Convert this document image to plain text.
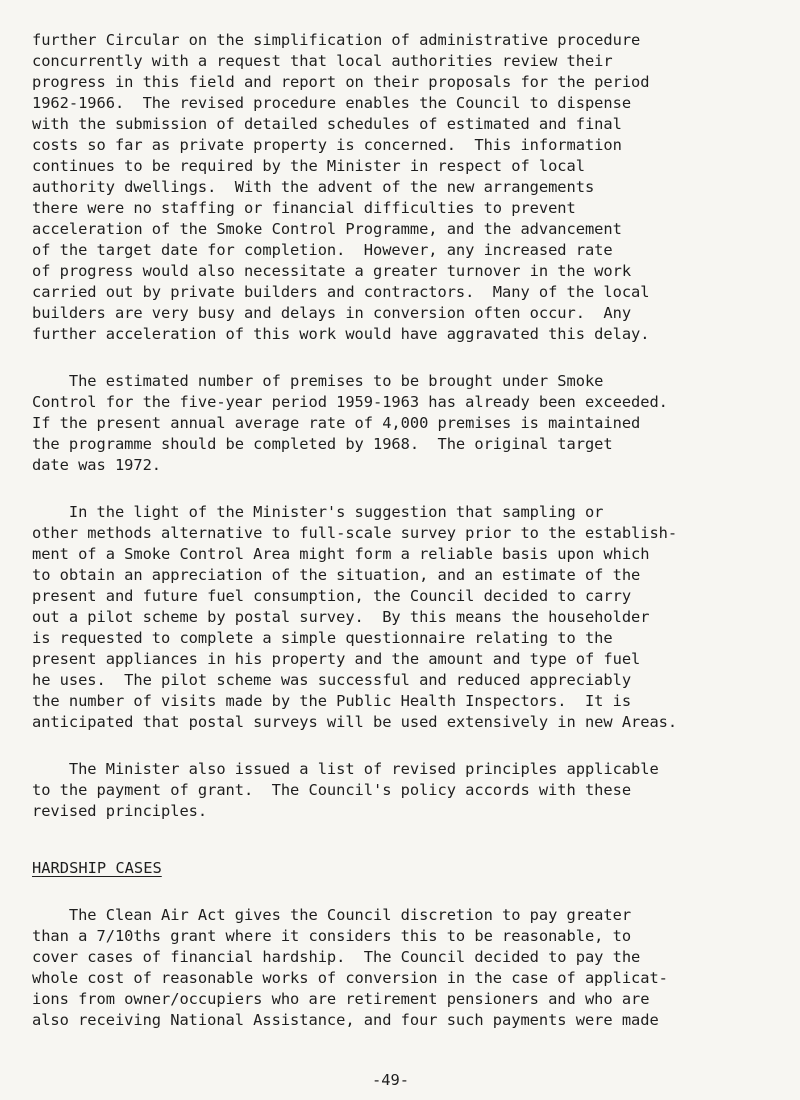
further Circular on the simplification of administrative procedure
concurrently with a request that local authorities review their
progress in this field and report on their proposals for the period
1962-1966.  The revised procedure enables the Council to dispense
with the submission of detailed schedules of estimated and final
costs so far as private property is concerned.  This information
continues to be required by the Minister in respect of local
authority dwellings.  With the advent of the new arrangements
there were no staffing or financial difficulties to prevent
acceleration of the Smoke Control Programme, and the advancement
of the target date for completion.  However, any increased rate
of progress would also necessitate a greater turnover in the work
carried out by private builders and contractors.  Many of the local
builders are very busy and delays in conversion often occur.  Any
further acceleration of this work would have aggravated this delay.
The estimated number of premises to be brought under Smoke
Control for the five-year period 1959-1963 has already been exceeded.
If the present annual average rate of 4,000 premises is maintained
the programme should be completed by 1968.  The original target
date was 1972.
In the light of the Minister's suggestion that sampling or
other methods alternative to full-scale survey prior to the establish-
ment of a Smoke Control Area might form a reliable basis upon which
to obtain an appreciation of the situation, and an estimate of the
present and future fuel consumption, the Council decided to carry
out a pilot scheme by postal survey.  By this means the householder
is requested to complete a simple questionnaire relating to the
present appliances in his property and the amount and type of fuel
he uses.  The pilot scheme was successful and reduced appreciably
the number of visits made by the Public Health Inspectors.  It is
anticipated that postal surveys will be used extensively in new Areas.
The Minister also issued a list of revised principles applicable
to the payment of grant.  The Council's policy accords with these
revised principles.
HARDSHIP CASES
The Clean Air Act gives the Council discretion to pay greater
than a 7/10ths grant where it considers this to be reasonable, to
cover cases of financial hardship.  The Council decided to pay the
whole cost of reasonable works of conversion in the case of applicat-
ions from owner/occupiers who are retirement pensioners and who are
also receiving National Assistance, and four such payments were made
-49-
